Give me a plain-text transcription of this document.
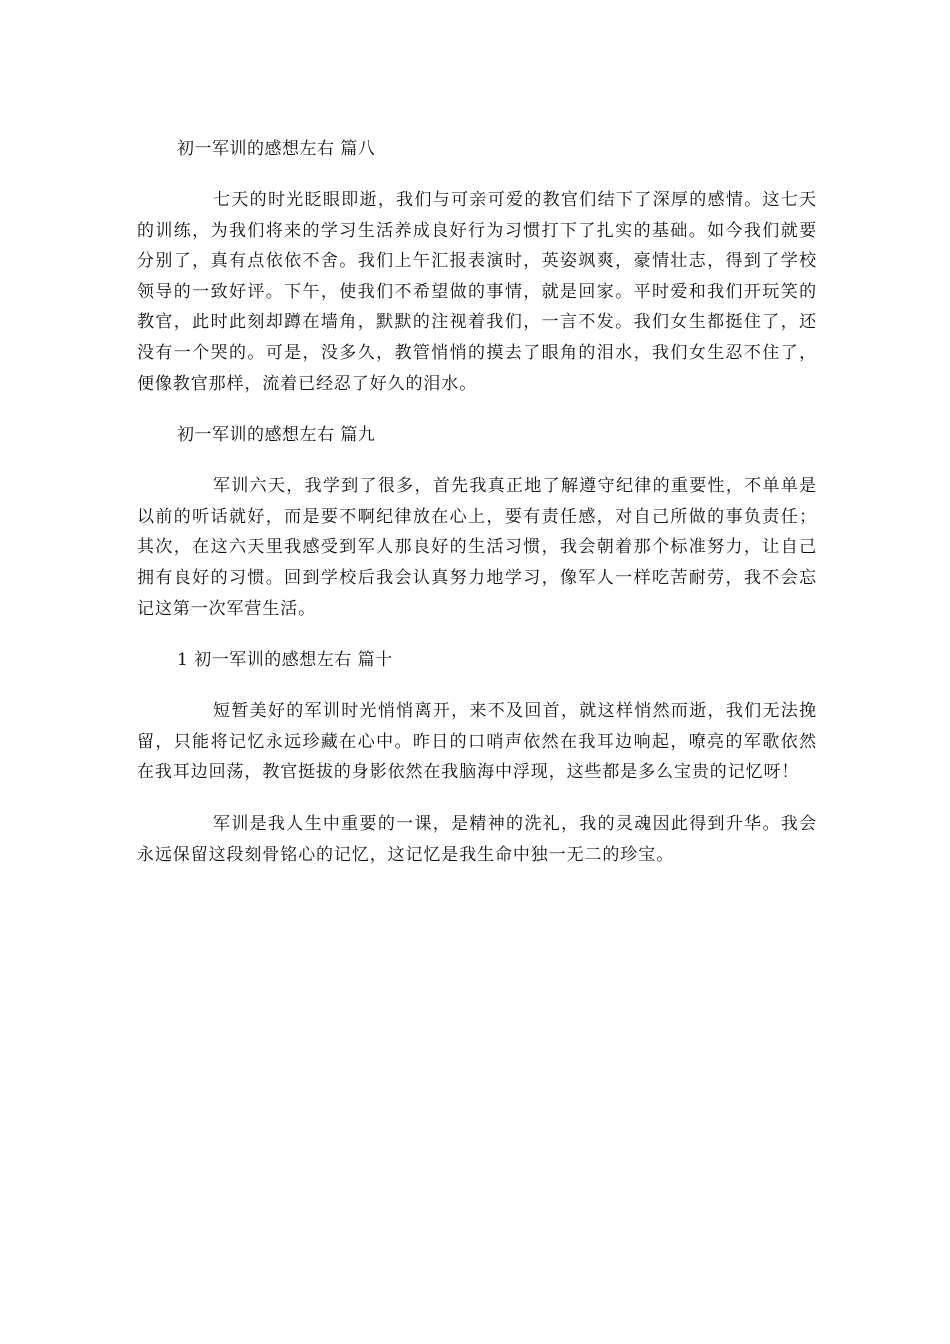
初一军训的感想左右 篇八

七天的时光眨眼即逝，我们与可亲可爱的教官们结下了深厚的感情。这七天的训练，为我们将来的学习生活养成良好行为习惯打下了扎实的基础。如今我们就要分别了，真有点依依不舍。我们上午汇报表演时，英姿飒爽，豪情壮志，得到了学校领导的一致好评。下午，使我们不希望做的事情，就是回家。平时爱和我们开玩笑的教官，此时此刻却蹲在墙角，默默的注视着我们，一言不发。我们女生都挺住了，还没有一个哭的。可是，没多久，教管悄悄的摸去了眼角的泪水，我们女生忍不住了，便像教官那样，流着已经忍了好久的泪水。

初一军训的感想左右 篇九

军训六天，我学到了很多，首先我真正地了解遵守纪律的重要性，不单单是以前的听话就好，而是要不啊纪律放在心上，要有责任感，对自己所做的事负责任；其次，在这六天里我感受到军人那良好的生活习惯，我会朝着那个标准努力，让自己拥有良好的习惯。回到学校后我会认真努力地学习，像军人一样吃苦耐劳，我不会忘记这第一次军营生活。

1 初一军训的感想左右 篇十

短暂美好的军训时光悄悄离开，来不及回首，就这样悄然而逝，我们无法挽留，只能将记忆永远珍藏在心中。昨日的口哨声依然在我耳边响起，嘹亮的军歌依然在我耳边回荡，教官挺拔的身影依然在我脑海中浮现，这些都是多么宝贵的记忆呀！

军训是我人生中重要的一课，是精神的洗礼，我的灵魂因此得到升华。我会永远保留这段刻骨铭心的记忆，这记忆是我生命中独一无二的珍宝。
